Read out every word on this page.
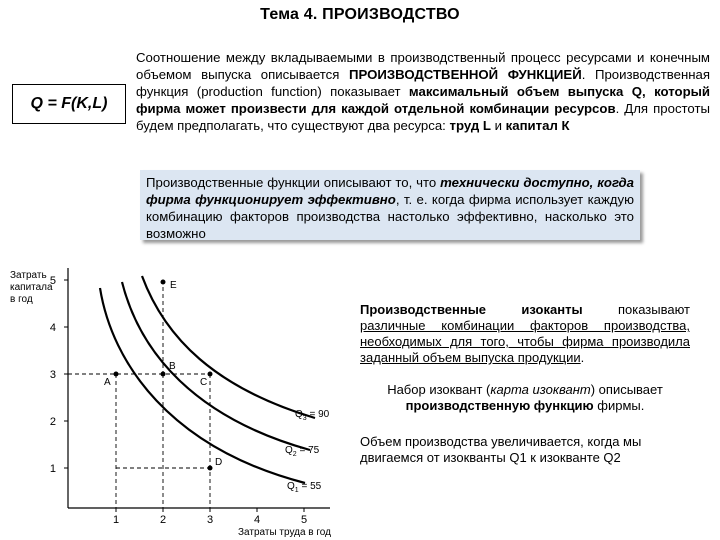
Тема 4. ПРОИЗВОДСТВО
Q = F(K,L)
Соотношение между вкладываемыми в производственный процесс ресурсами и конечным объемом выпуска описывается ПРОИЗВОДСТВЕННОЙ ФУНКЦИЕЙ. Производственная функция (production function) показывает максимальный объем выпуска Q, который фирма может произвести для каждой отдельной комбинации ресурсов. Для простоты будем предполагать, что существуют два ресурса: труд L и капитал К
Производственные функции описывают то, что технически доступно, когда фирма функционирует эффективно, т. е. когда фирма использует каждую комбинацию факторов производства настолько эффективно, насколько это возможно
Затрать
капитала
в год
1
2
3
4
5
1	2	3	4	5
Затраты труда в год
$Q_3 = 90$
$Q_2 = 75$
$Q_1 = 55$
A
B
C
D
E

Производственные изоканты показывают различные комбинации факторов производства, необходимых для того, чтобы фирма производила заданный объем выпуска продукции.

Набор изоквант (карта изоквант) описывает производственную функцию фирмы.

Объем производства увеличивается, когда мы двигаемся от изокванты Q1 к изокванте Q2
